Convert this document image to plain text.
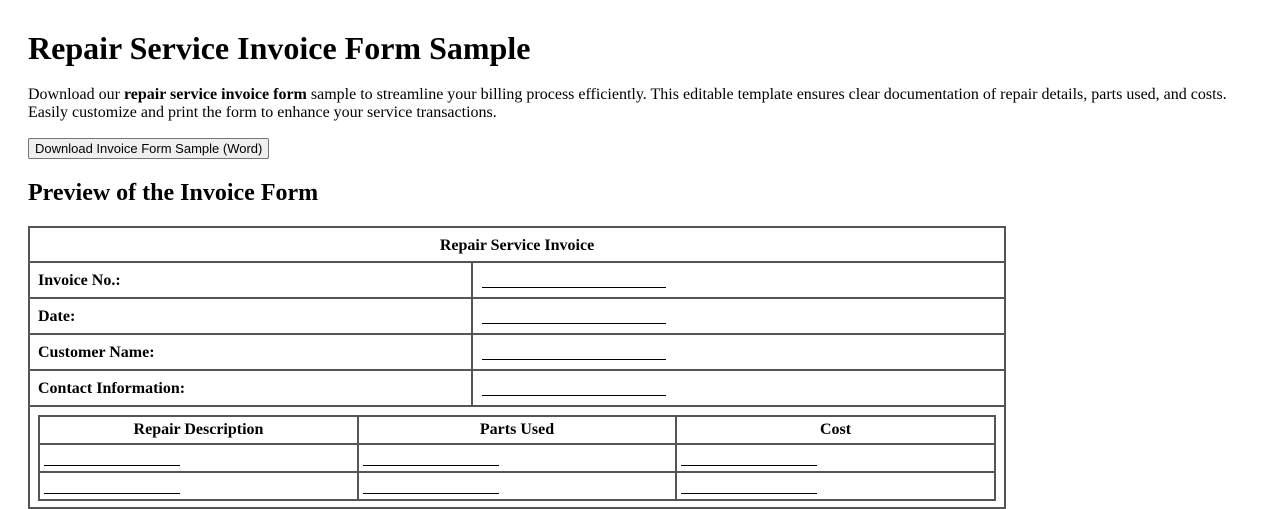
Repair Service Invoice Form Sample

Download our repair service invoice form sample to streamline your billing process efficiently. This editable template ensures clear documentation of repair details, parts used, and costs. Easily customize and print the form to enhance your service transactions.

Download Invoice Form Sample (Word)
Preview of the Invoice Form
Repair Service Invoice
Invoice No.:
Date:
Customer Name:
Contact Information:
Repair Description	Parts Used	Cost
